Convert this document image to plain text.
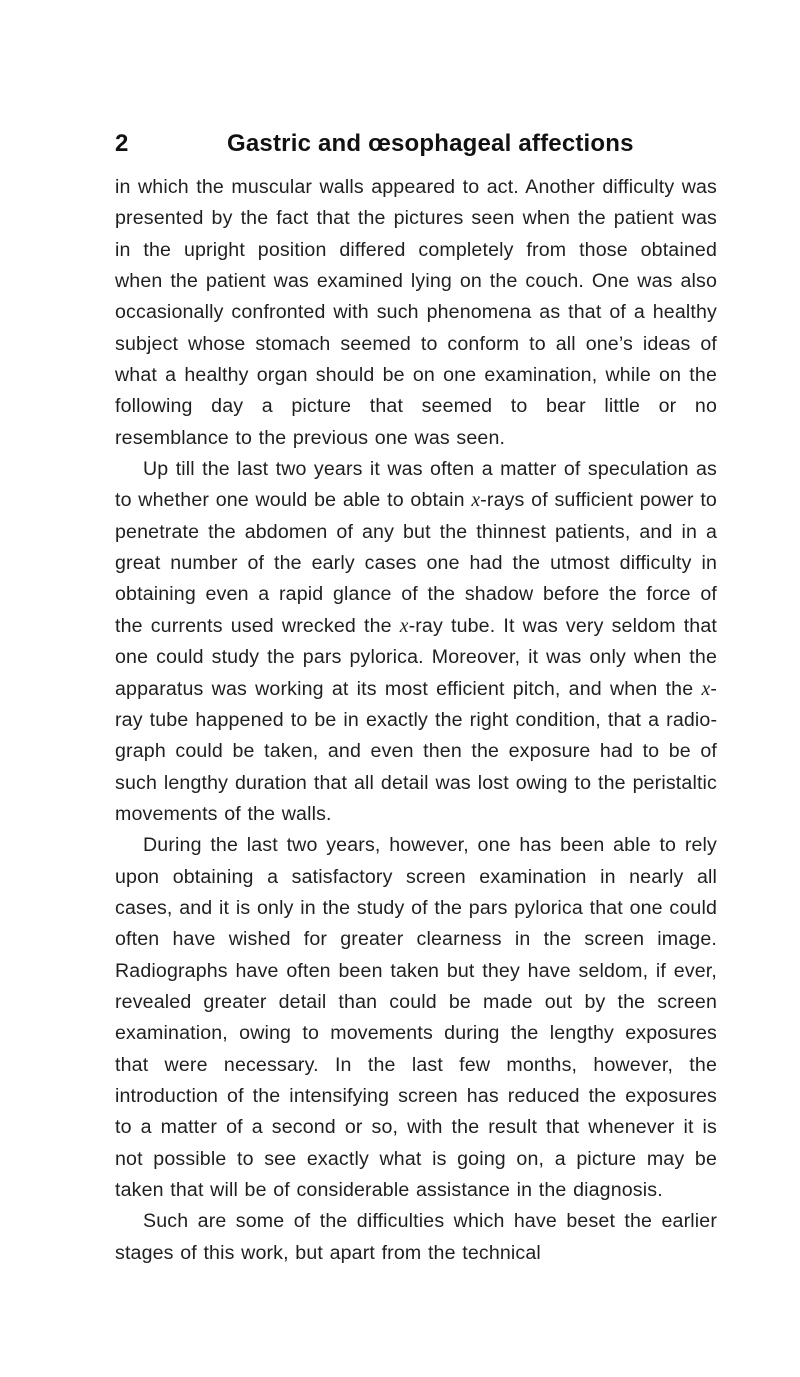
2	Gastric and œsophageal affections

in which the muscular walls appeared to act. Another difficulty was presented by the fact that the pictures seen when the patient was in the upright position differed completely from those obtained when the patient was examined lying on the couch. One was also occasionally confronted with such phenomena as that of a healthy subject whose stomach seemed to conform to all one’s ideas of what a healthy organ should be on one examination, while on the following day a picture that seemed to bear little or no resemblance to the previous one was seen.

Up till the last two years it was often a matter of speculation as to whether one would be able to obtain x-rays of sufficient power to penetrate the abdomen of any but the thinnest patients, and in a great number of the early cases one had the utmost difficulty in obtaining even a rapid glance of the shadow before the force of the currents used wrecked the x-ray tube. It was very seldom that one could study the pars pylorica. Moreover, it was only when the apparatus was working at its most efficient pitch, and when the x-ray tube happened to be in exactly the right condition, that a radiograph could be taken, and even then the exposure had to be of such lengthy duration that all detail was lost owing to the peristaltic movements of the walls.

During the last two years, however, one has been able to rely upon obtaining a satisfactory screen examination in nearly all cases, and it is only in the study of the pars pylorica that one could often have wished for greater clearness in the screen image. Radiographs have often been taken but they have seldom, if ever, revealed greater detail than could be made out by the screen examination, owing to movements during the lengthy exposures that were necessary. In the last few months, however, the introduction of the intensifying screen has reduced the exposures to a matter of a second or so, with the result that whenever it is not possible to see exactly what is going on, a picture may be taken that will be of considerable assistance in the diagnosis.

Such are some of the difficulties which have beset the earlier stages of this work, but apart from the technical
